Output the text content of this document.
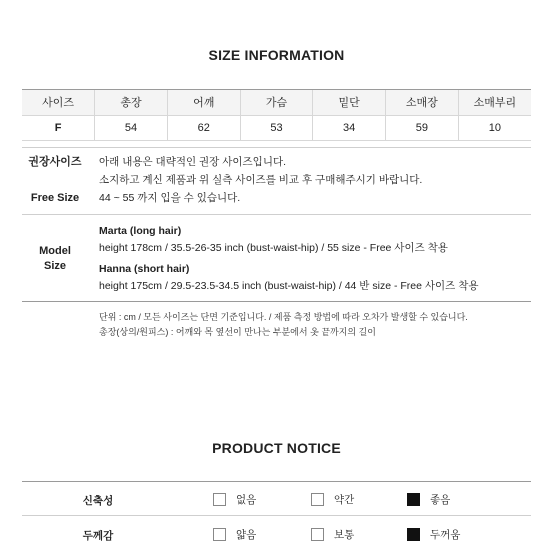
SIZE INFORMATION
사이즈	총장	어깨	가슴	밑단	소매장	소매부리
F	54	62	53	34	59	10
권장사이즈
Free Size
아래 내용은 대략적인 권장 사이즈입니다.
소지하고 계신 제품과 위 실측 사이즈를 비교 후 구매해주시기 바랍니다.
44 ~ 55 까지 입을 수 있습니다.
Model
Size
Marta (long hair)
height 178cm / 35.5-26-35 inch (bust-waist-hip) / 55 size - Free 사이즈 착용
Hanna (short hair)
height 175cm / 29.5-23.5-34.5 inch (bust-waist-hip) / 44 반 size - Free 사이즈 착용
단위 : cm / 모든 사이즈는 단면 기준입니다. / 제품 측정 방법에 따라 오차가 발생할 수 있습니다.
총장(상의/원피스) : 어깨와 목 옆선이 만나는 부분에서 옷 끝까지의 길이
PRODUCT NOTICE
신축성	없음	약간	좋음
두께감	얇음	보통	두꺼움
